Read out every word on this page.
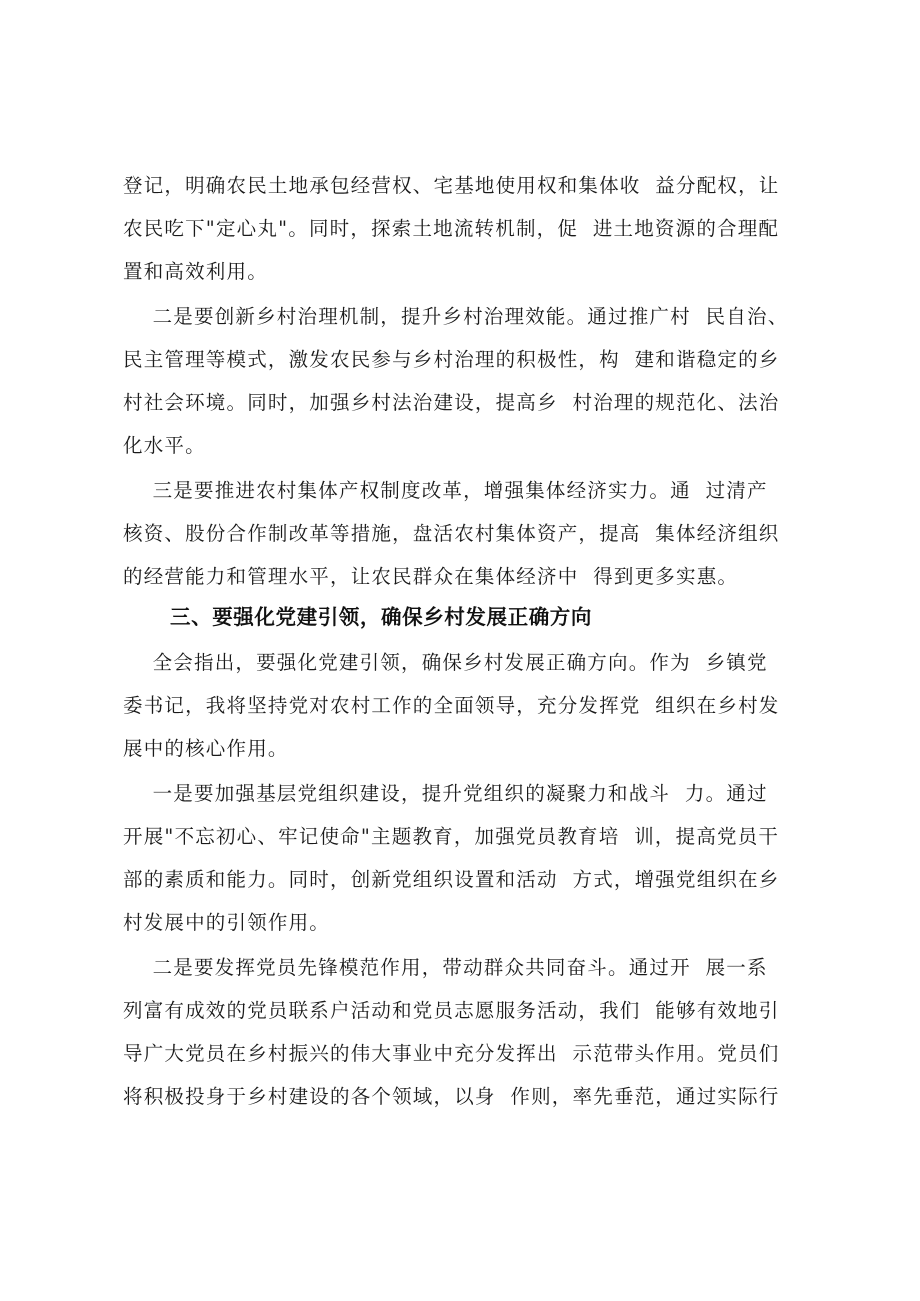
登记，明确农民土地承包经营权、宅基地使用权和集体收  益分配权，让
农民吃下"定心丸"。同时，探索土地流转机制，促  进土地资源的合理配
置和高效利用。
二是要创新乡村治理机制，提升乡村治理效能。通过推广村  民自治、
民主管理等模式，激发农民参与乡村治理的积极性，构  建和谐稳定的乡
村社会环境。同时，加强乡村法治建设，提高乡  村治理的规范化、法治
化水平。
三是要推进农村集体产权制度改革，增强集体经济实力。通  过清产
核资、股份合作制改革等措施，盘活农村集体资产，提高  集体经济组织
的经营能力和管理水平，让农民群众在集体经济中  得到更多实惠。
三、要强化党建引领，确保乡村发展正确方向
全会指出，要强化党建引领，确保乡村发展正确方向。作为  乡镇党
委书记，我将坚持党对农村工作的全面领导，充分发挥党  组织在乡村发
展中的核心作用。
一是要加强基层党组织建设，提升党组织的凝聚力和战斗  力。通过
开展"不忘初心、牢记使命"主题教育，加强党员教育培  训，提高党员干
部的素质和能力。同时，创新党组织设置和活动  方式，增强党组织在乡
村发展中的引领作用。
二是要发挥党员先锋模范作用，带动群众共同奋斗。通过开  展一系
列富有成效的党员联系户活动和党员志愿服务活动，我们  能够有效地引
导广大党员在乡村振兴的伟大事业中充分发挥出  示范带头作用。党员们
将积极投身于乡村建设的各个领域，以身  作则，率先垂范，通过实际行
